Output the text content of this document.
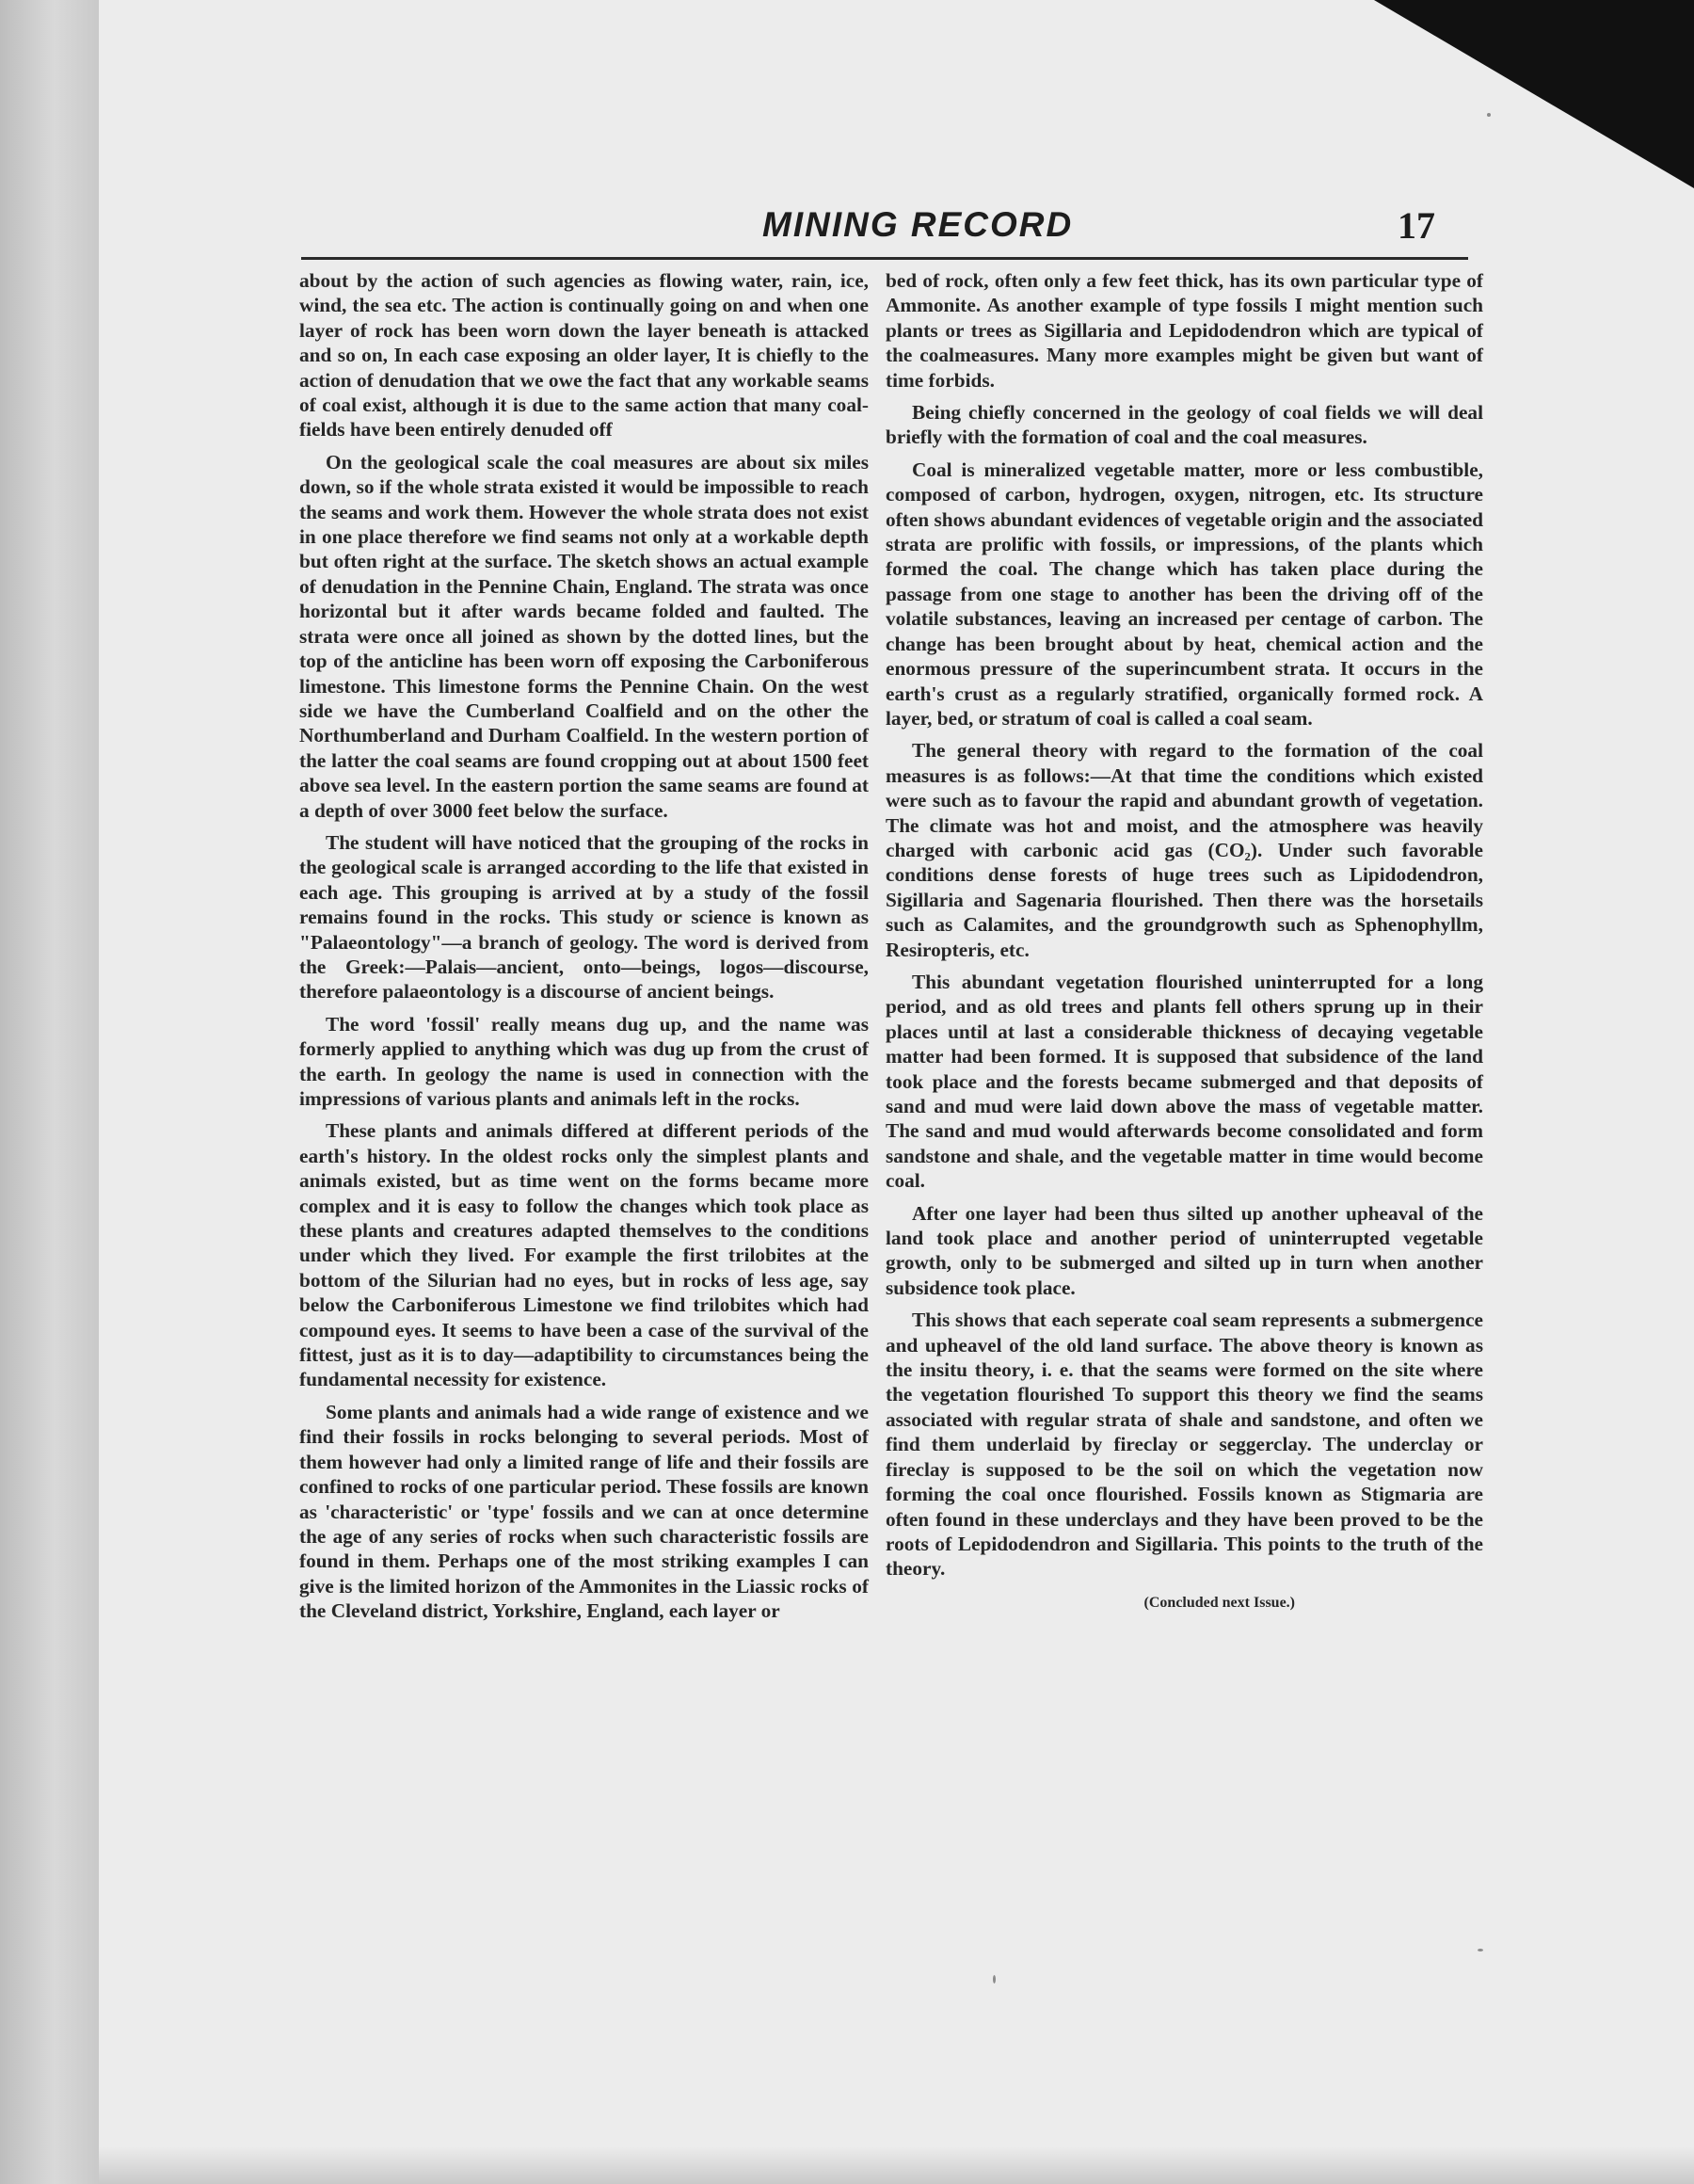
MINING RECORD	17

about by the action of such agencies as flowing water, rain, ice, wind, the sea etc. The action is continually going on and when one layer of rock has been worn down the layer beneath is attacked and so on, In each case exposing an older layer, It is chiefly to the action of denudation that we owe the fact that any workable seams of coal exist, although it is due to the same action that many coal-fields have been entirely denuded off

On the geological scale the coal measures are about six miles down, so if the whole strata existed it would be impossible to reach the seams and work them. However the whole strata does not exist in one place therefore we find seams not only at a workable depth but often right at the surface. The sketch shows an actual example of denudation in the Pennine Chain, England. The strata was once horizontal but it after wards became folded and faulted. The strata were once all joined as shown by the dotted lines, but the top of the anticline has been worn off exposing the Carboniferous limestone. This limestone forms the Pennine Chain. On the west side we have the Cumberland Coalfield and on the other the Northumberland and Durham Coalfield. In the western portion of the latter the coal seams are found cropping out at about 1500 feet above sea level. In the eastern portion the same seams are found at a depth of over 3000 feet below the surface.

The student will have noticed that the grouping of the rocks in the geological scale is arranged according to the life that existed in each age. This grouping is arrived at by a study of the fossil remains found in the rocks. This study or science is known as "Palaeontology"—a branch of geology. The word is derived from the Greek:—Palais—ancient, onto—beings, logos—discourse, therefore palaeontology is a discourse of ancient beings.

The word 'fossil' really means dug up, and the name was formerly applied to anything which was dug up from the crust of the earth. In geology the name is used in connection with the impressions of various plants and animals left in the rocks.

These plants and animals differed at different periods of the earth's history. In the oldest rocks only the simplest plants and animals existed, but as time went on the forms became more complex and it is easy to follow the changes which took place as these plants and creatures adapted themselves to the conditions under which they lived. For example the first trilobites at the bottom of the Silurian had no eyes, but in rocks of less age, say below the Carboniferous Limestone we find trilobites which had compound eyes. It seems to have been a case of the survival of the fittest, just as it is to day—adaptibility to circumstances being the fundamental necessity for existence.

Some plants and animals had a wide range of existence and we find their fossils in rocks belonging to several periods. Most of them however had only a limited range of life and their fossils are confined to rocks of one particular period. These fossils are known as 'characteristic' or 'type' fossils and we can at once determine the age of any series of rocks when such characteristic fossils are found in them. Perhaps one of the most striking examples I can give is the limited horizon of the Ammonites in the Liassic rocks of the Cleveland district, Yorkshire, England, each layer or

bed of rock, often only a few feet thick, has its own particular type of Ammonite. As another example of type fossils I might mention such plants or trees as Sigillaria and Lepidodendron which are typical of the coalmeasures. Many more examples might be given but want of time forbids.

Being chiefly concerned in the geology of coal fields we will deal briefly with the formation of coal and the coal measures.

Coal is mineralized vegetable matter, more or less combustible, composed of carbon, hydrogen, oxygen, nitrogen, etc. Its structure often shows abundant evidences of vegetable origin and the associated strata are prolific with fossils, or impressions, of the plants which formed the coal. The change which has taken place during the passage from one stage to another has been the driving off of the volatile substances, leaving an increased per centage of carbon. The change has been brought about by heat, chemical action and the enormous pressure of the superincumbent strata. It occurs in the earth's crust as a regularly stratified, organically formed rock. A layer, bed, or stratum of coal is called a coal seam.

The general theory with regard to the formation of the coal measures is as follows:—At that time the conditions which existed were such as to favour the rapid and abundant growth of vegetation. The climate was hot and moist, and the atmosphere was heavily charged with carbonic acid gas (CO₂). Under such favorable conditions dense forests of huge trees such as Lipidodendron, Sigillaria and Sagenaria flourished. Then there was the horsetails such as Calamites, and the groundgrowth such as Sphenophyllm, Resiropteris, etc.

This abundant vegetation flourished uninterrupted for a long period, and as old trees and plants fell others sprung up in their places until at last a considerable thickness of decaying vegetable matter had been formed. It is supposed that subsidence of the land took place and the forests became submerged and that deposits of sand and mud were laid down above the mass of vegetable matter. The sand and mud would afterwards become consolidated and form sandstone and shale, and the vegetable matter in time would become coal.

After one layer had been thus silted up another upheaval of the land took place and another period of uninterrupted vegetable growth, only to be submerged and silted up in turn when another subsidence took place.

This shows that each seperate coal seam represents a submergence and upheavel of the old land surface. The above theory is known as the insitu theory, i. e. that the seams were formed on the site where the vegetation flourished To support this theory we find the seams associated with regular strata of shale and sandstone, and often we find them underlaid by fireclay or seggerclay. The underclay or fireclay is supposed to be the soil on which the vegetation now forming the coal once flourished. Fossils known as Stigmaria are often found in these underclays and they have been proved to be the roots of Lepidodendron and Sigillaria. This points to the truth of the theory.

(Concluded next Issue.)
